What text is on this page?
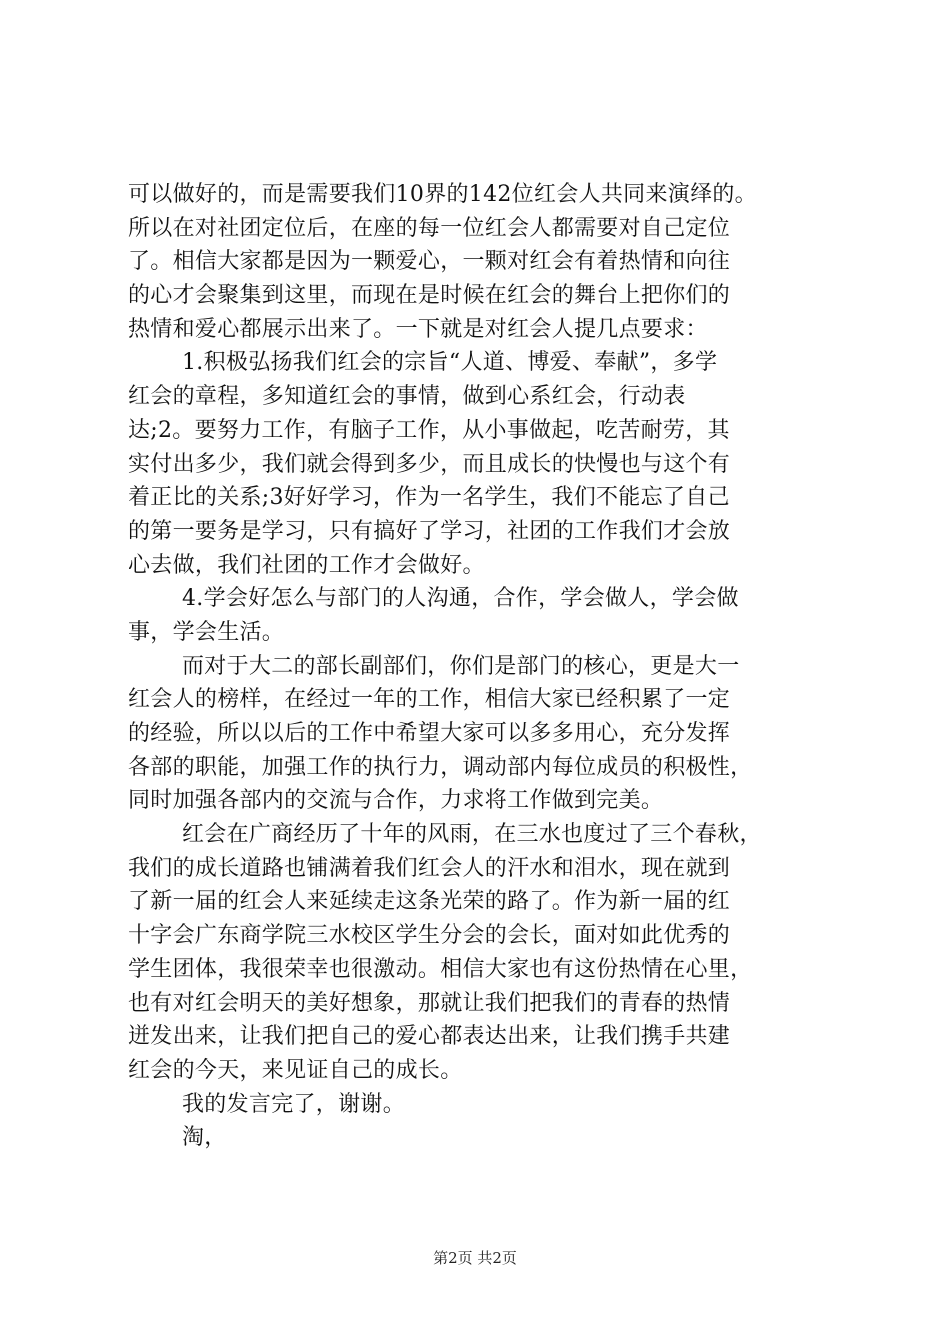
可以做好的，而是需要我们10界的142位红会人共同来演绎的。
所以在对社团定位后，在座的每一位红会人都需要对自己定位
了。相信大家都是因为一颗爱心，一颗对红会有着热情和向往
的心才会聚集到这里，而现在是时候在红会的舞台上把你们的
热情和爱心都展示出来了。一下就是对红会人提几点要求：
1.积极弘扬我们红会的宗旨“人道、博爱、奉献”，多学
红会的章程，多知道红会的事情，做到心系红会，行动表
达;2。要努力工作，有脑子工作，从小事做起，吃苦耐劳，其
实付出多少，我们就会得到多少，而且成长的快慢也与这个有
着正比的关系;3好好学习，作为一名学生，我们不能忘了自己
的第一要务是学习，只有搞好了学习，社团的工作我们才会放
心去做，我们社团的工作才会做好。
4.学会好怎么与部门的人沟通，合作，学会做人，学会做
事，学会生活。
而对于大二的部长副部们，你们是部门的核心，更是大一
红会人的榜样，在经过一年的工作，相信大家已经积累了一定
的经验，所以以后的工作中希望大家可以多多用心，充分发挥
各部的职能，加强工作的执行力，调动部内每位成员的积极性，
同时加强各部内的交流与合作，力求将工作做到完美。
红会在广商经历了十年的风雨，在三水也度过了三个春秋，
我们的成长道路也铺满着我们红会人的汗水和泪水，现在就到
了新一届的红会人来延续走这条光荣的路了。作为新一届的红
十字会广东商学院三水校区学生分会的会长，面对如此优秀的
学生团体，我很荣幸也很激动。相信大家也有这份热情在心里，
也有对红会明天的美好想象，那就让我们把我们的青春的热情
迸发出来，让我们把自己的爱心都表达出来，让我们携手共建
红会的今天，来见证自己的成长。
我的发言完了，谢谢。
淘，
第2页 共2页
